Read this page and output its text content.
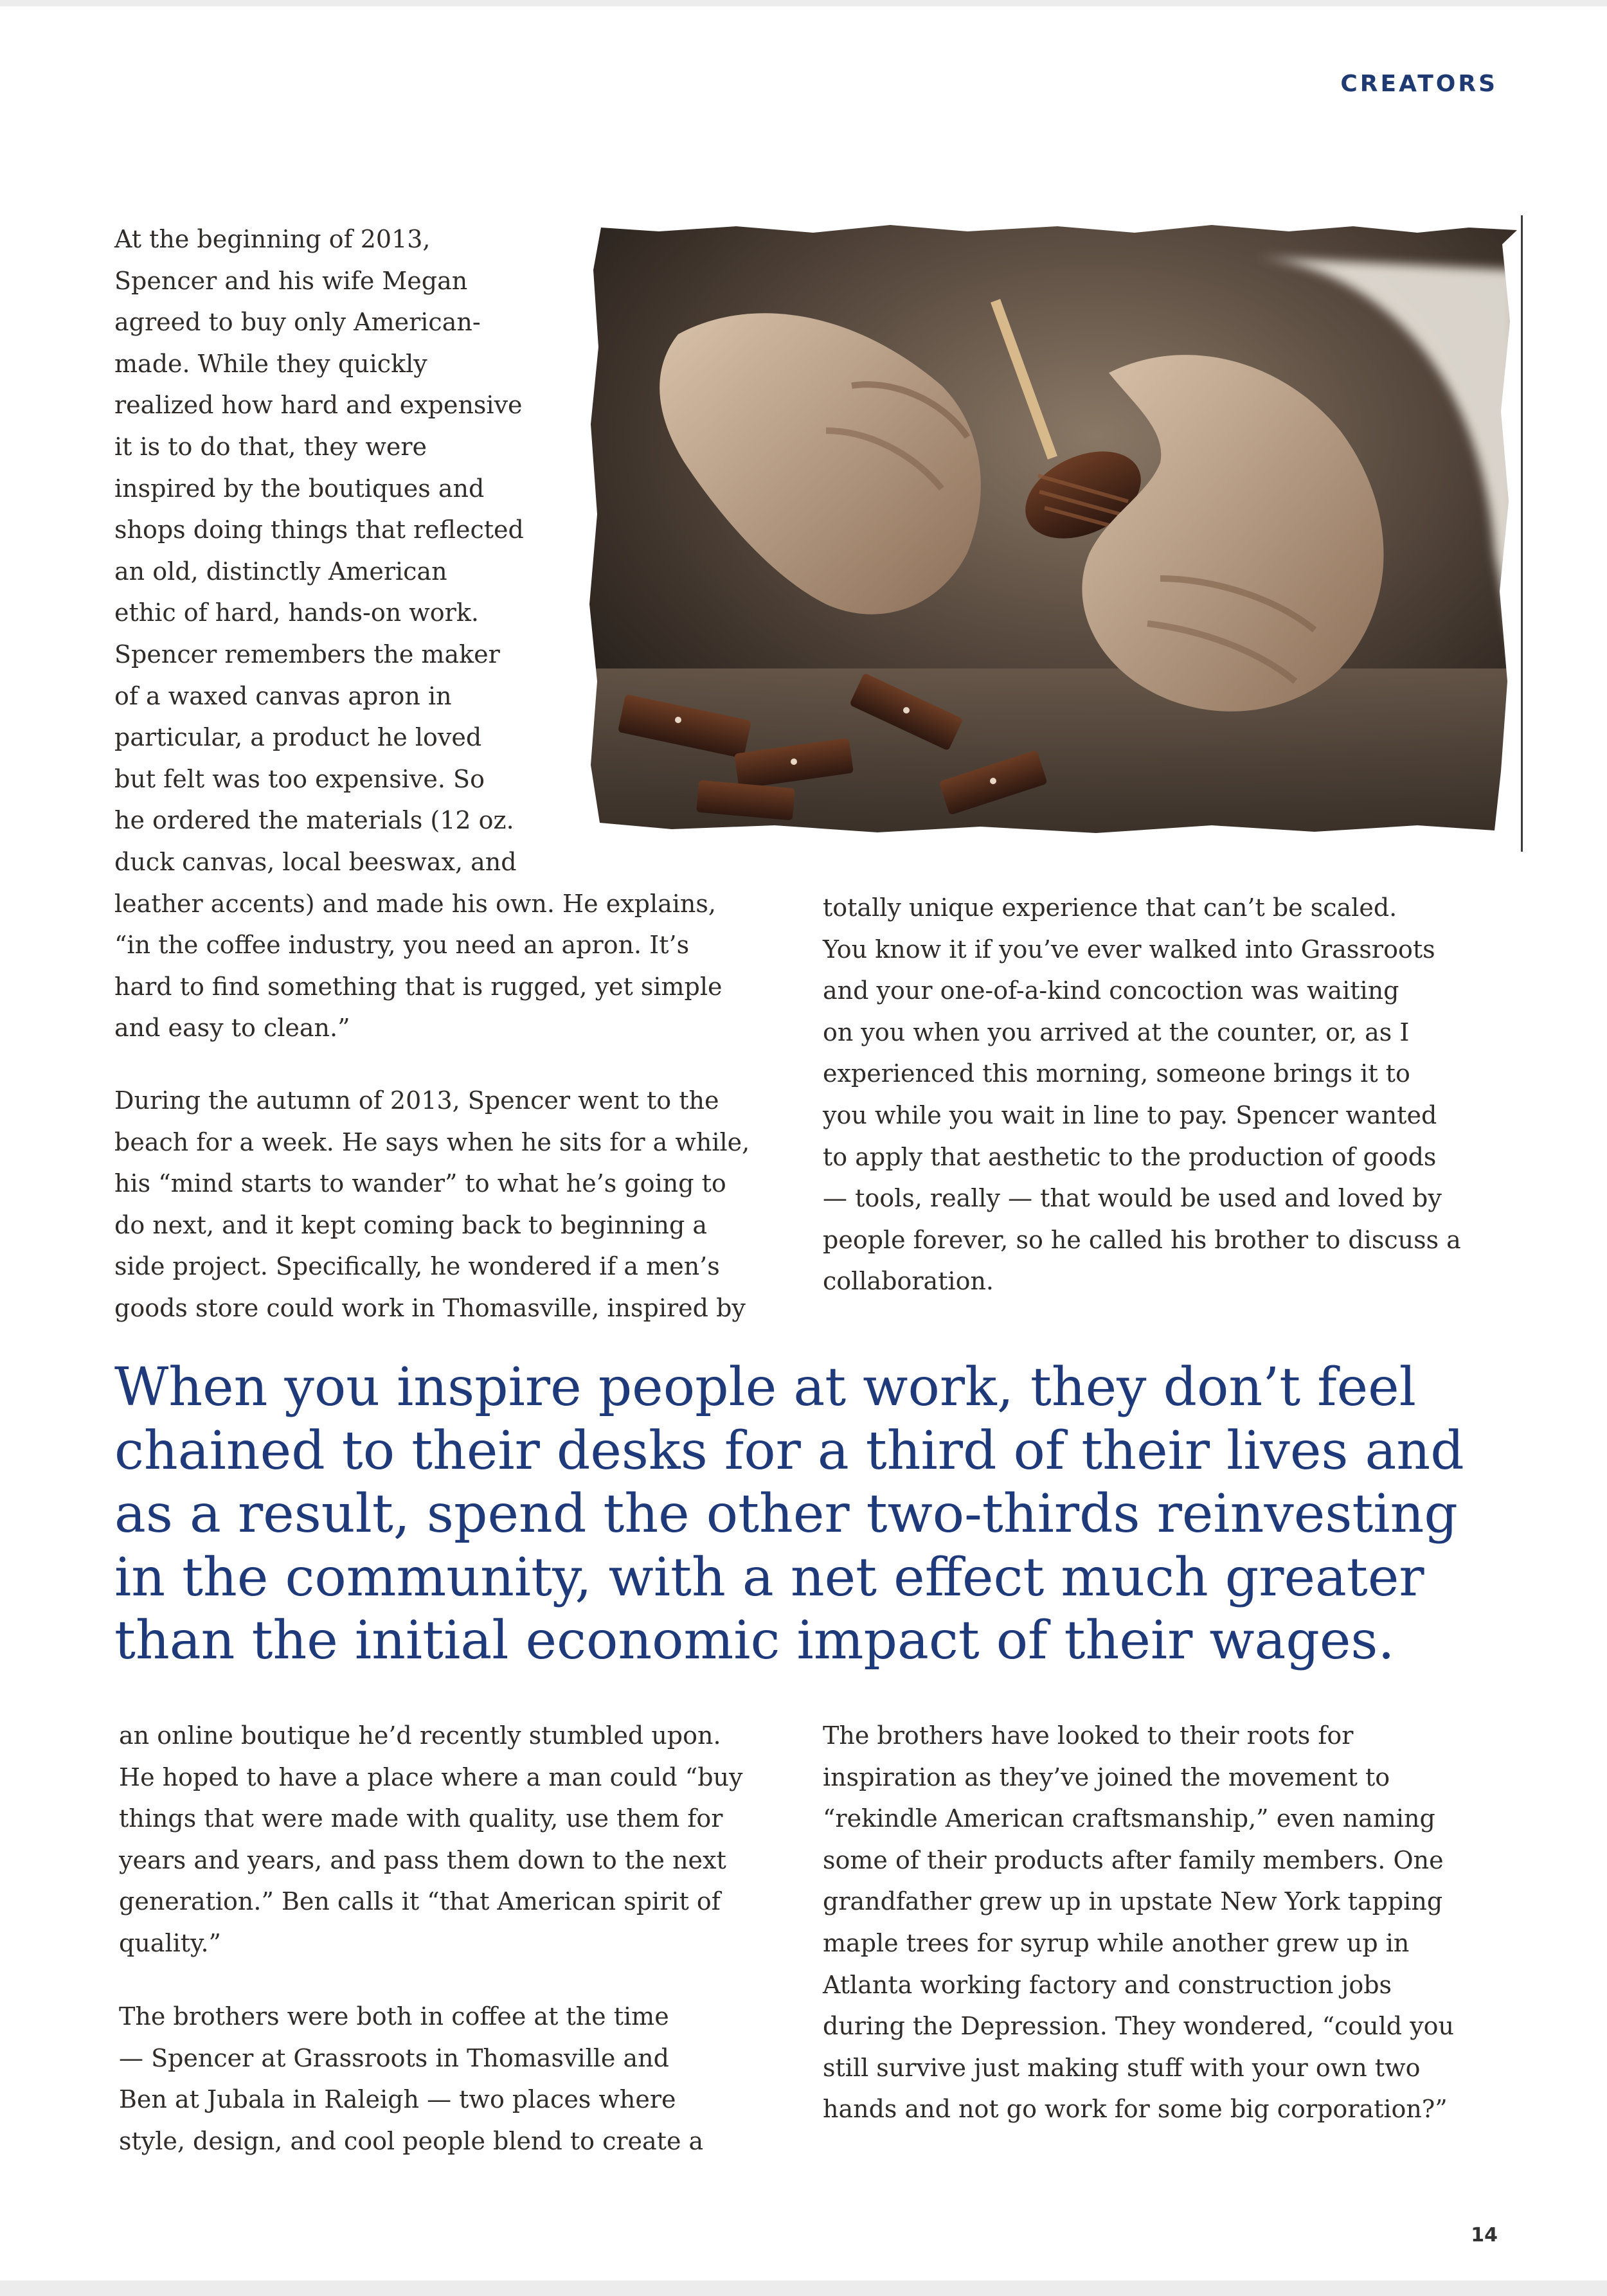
CREATORS
At the beginning of 2013,
Spencer and his wife Megan
agreed to buy only American-
made. While they quickly
realized how hard and expensive
it is to do that, they were
inspired by the boutiques and
shops doing things that reflected
an old, distinctly American
ethic of hard, hands-on work.
Spencer remembers the maker
of a waxed canvas apron in
particular, a product he loved
but felt was too expensive. So
he ordered the materials (12 oz.
duck canvas, local beeswax, and
leather accents) and made his own. He explains,
“in the coffee industry, you need an apron. It’s
hard to find something that is rugged, yet simple
and easy to clean.”
During the autumn of 2013, Spencer went to the
beach for a week. He says when he sits for a while,
his “mind starts to wander” to what he’s going to
do next, and it kept coming back to beginning a
side project. Specifically, he wondered if a men’s
goods store could work in Thomasville, inspired by
totally unique experience that can’t be scaled.
You know it if you’ve ever walked into Grassroots
and your one-of-a-kind concoction was waiting
on you when you arrived at the counter, or, as I
experienced this morning, someone brings it to
you while you wait in line to pay. Spencer wanted
to apply that aesthetic to the production of goods
— tools, really — that would be used and loved by
people forever, so he called his brother to discuss a
collaboration.
When you inspire people at work, they don’t feel
chained to their desks for a third of their lives and
as a result, spend the other two-thirds reinvesting
in the community, with a net effect much greater
than the initial economic impact of their wages.
an online boutique he’d recently stumbled upon.
He hoped to have a place where a man could “buy
things that were made with quality, use them for
years and years, and pass them down to the next
generation.” Ben calls it “that American spirit of
quality.”
The brothers were both in coffee at the time
— Spencer at Grassroots in Thomasville and
Ben at Jubala in Raleigh — two places where
style, design, and cool people blend to create a
The brothers have looked to their roots for
inspiration as they’ve joined the movement to
“rekindle American craftsmanship,” even naming
some of their products after family members. One
grandfather grew up in upstate New York tapping
maple trees for syrup while another grew up in
Atlanta working factory and construction jobs
during the Depression. They wondered, “could you
still survive just making stuff with your own two
hands and not go work for some big corporation?”
14
